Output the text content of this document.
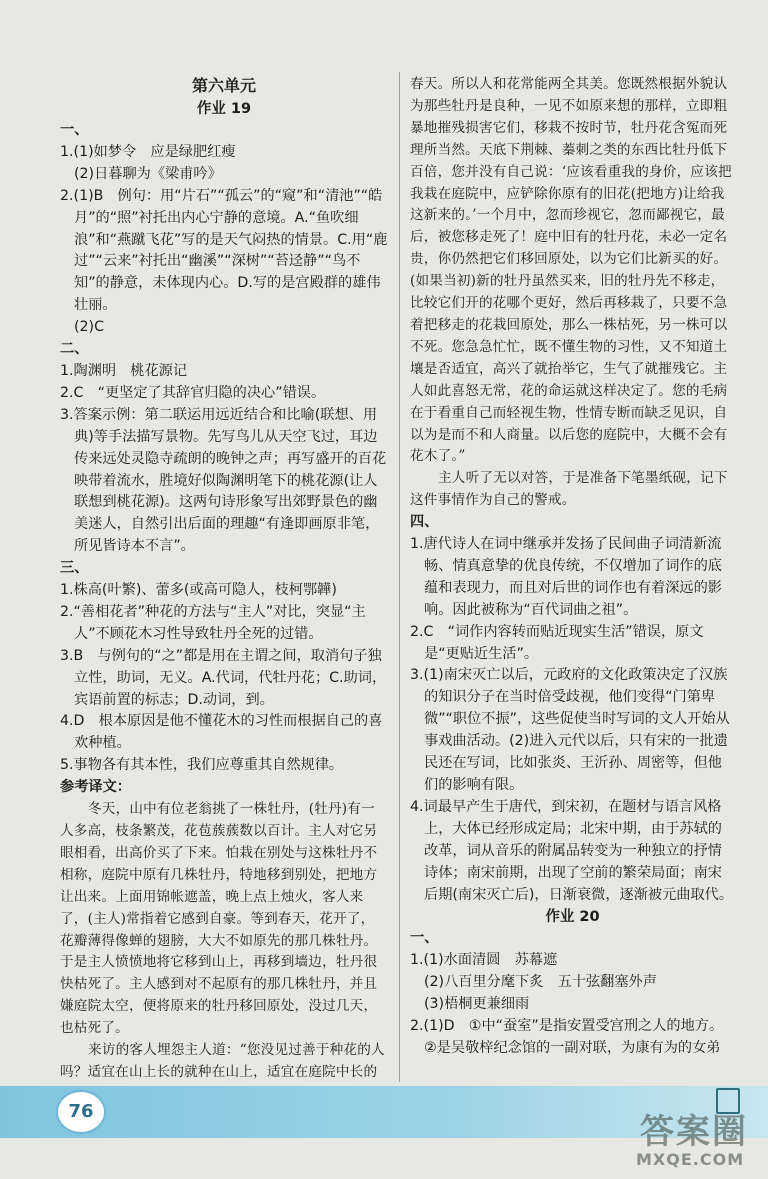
第六单元
作业 19
一、
1.(1)如梦令　应是绿肥红瘦
(2)日暮聊为《梁甫吟》
2.(1)B　例句：用“片石”“孤云”的“窥”和“清池”“皓月”的“照”衬托出内心宁静的意境。A.“鱼吹细浪”和“燕蹴飞花”写的是天气闷热的情景。C.用“鹿过”“云来”衬托出“幽溪”“深树”“苔迳静”“鸟不知”的静意，未体现内心。D.写的是宫殿群的雄伟壮丽。
(2)C
二、
1.陶渊明　桃花源记
2.C　“更坚定了其辞官归隐的决心”错误。
3.答案示例：第二联运用远近结合和比喻(联想、用典)等手法描写景物。先写鸟儿从天空飞过，耳边传来远处灵隐寺疏朗的晚钟之声；再写盛开的百花映带着流水，胜境好似陶渊明笔下的桃花源(让人联想到桃花源)。这两句诗形象写出郊野景色的幽美迷人，自然引出后面的理趣“有逢即画原非笔，所见皆诗本不言”。
三、
1.株高(叶繁)、蕾多(或高可隐人，枝柯鄂韡)
2.“善相花者”种花的方法与“主人”对比，突显“主人”不顾花木习性导致牡丹全死的过错。
3.B　与例句的“之”都是用在主谓之间，取消句子独立性，助词，无义。A.代词，代牡丹花；C.助词，宾语前置的标志；D.动词，到。
4.D　根本原因是他不懂花木的习性而根据自己的喜欢种植。
5.事物各有其本性，我们应尊重其自然规律。
参考译文：
冬天，山中有位老翁挑了一株牡丹，(牡丹)有一人多高，枝条繁茂，花苞蔟蔟数以百计。主人对它另眼相看，出高价买了下来。怕栽在别处与这株牡丹不相称，庭院中原有几株牡丹，特地移到别处，把地方让出来。上面用锦帐遮盖，晚上点上烛火，客人来了，(主人)常指着它感到自豪。等到春天，花开了，花瓣薄得像蝉的翅膀，大大不如原先的那几株牡丹。于是主人愤愤地将它移到山上，再移到墙边，牡丹很快枯死了。主人感到对不起原有的那几株牡丹，并且嫌庭院太空，便将原来的牡丹移回原处，没过几天，也枯死了。
来访的客人埋怨主人道：“您没见过善于种花的人吗？适宜在山上长的就种在山上，适宜在庭院中长的
春天。所以人和花常能两全其美。您既然根据外貌认为那些牡丹是良种，一见不如原来想的那样，立即粗暴地摧残损害它们，移栽不按时节，牡丹花含冤而死理所当然。天底下荆棘、蓁刺之类的东西比牡丹低下百倍，您并没有自己说：‘应该看重我的身价，应该把我栽在庭院中，应铲除你原有的旧花(把地方)让给我这新来的。’一个月中，忽而珍视它，忽而鄙视它，最后，被您移走死了！庭中旧有的牡丹花，未必一定名贵，你仍然把它们移回原处，以为它们比新买的好。(如果当初)新的牡丹虽然买来，旧的牡丹先不移走，比较它们开的花哪个更好，然后再移栽了，只要不急着把移走的花栽回原处，那么一株枯死，另一株可以不死。您急急忙忙，既不懂生物的习性，又不知道土壤是否适宜，高兴了就抬举它，生气了就摧残它。主人如此喜怒无常，花的命运就这样决定了。您的毛病在于看重自己而轻视生物，性情专断而缺乏见识，自以为是而不和人商量。以后您的庭院中，大概不会有花木了。”
主人听了无以对答，于是准备下笔墨纸砚，记下这件事情作为自己的警戒。
四、
1.唐代诗人在词中继承并发扬了民间曲子词清新流畅、情真意挚的优良传统，不仅增加了词作的底蕴和表现力，而且对后世的词作也有着深远的影响。因此被称为“百代词曲之祖”。
2.C　“词作内容转而贴近现实生活”错误，原文是“更贴近生活”。
3.(1)南宋灭亡以后，元政府的文化政策决定了汉族的知识分子在当时倍受歧视，他们变得“门第卑微”“职位不振”，这些促使当时写词的文人开始从事戏曲活动。(2)进入元代以后，只有宋的一批遗民还在写词，比如张炎、王沂孙、周密等，但他们的影响有限。
4.词最早产生于唐代，到宋初，在题材与语言风格上，大体已经形成定局；北宋中期，由于苏轼的改革，词从音乐的附属品转变为一种独立的抒情诗体；南宋前期，出现了空前的繁荣局面；南宋后期(南宋灭亡后)，日渐衰微，逐渐被元曲取代。
作业 20
一、
1.(1)水面清圆　苏幕遮
(2)八百里分麾下炙　五十弦翻塞外声
(3)梧桐更兼细雨
2.(1)D　①中“蚕室”是指安置受宫刑之人的地方。②是吴敬梓纪念馆的一副对联，为康有为的女弟
76
答案圈
MXQE.COM
